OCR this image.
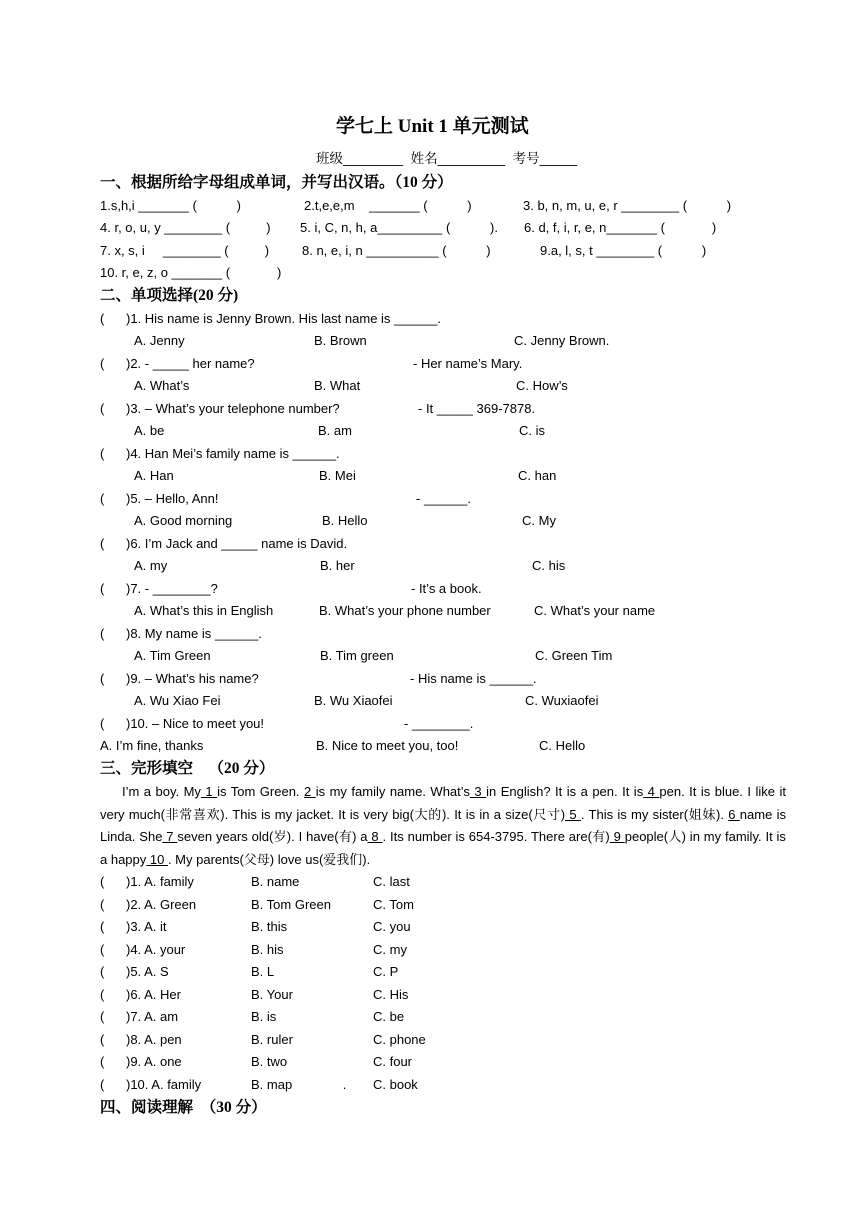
学七上 Unit 1 单元测试
班级________  姓名_________  考号_____
一、根据所给字母组成单词，并写出汉语。（10 分）
1.s,h,i _______ (           )	2.t,e,e,m    _______ (           )	3. b, n, m, u, e, r ________ (           )
4. r, o, u, y ________ (          ) 5. i, C, n, h, a_________ (           ). 6. d, f, i, r, e, n_______ (             )
7. x, s, i     ________ (          )	8. n, e, i, n __________ (           )	9.a, l, s, t ________ (           )
10. r, e, z, o _______ (             )
二、单项选择(20 分)
(      )1. His name is Jenny Brown. His last name is ______.
A. Jenny	B. Brown	C. Jenny Brown.
(      )2. - _____ her name?	- Her name’s Mary.
A. What’s	B. What	C. How’s
(      )3. – What’s your telephone number?	- It _____ 369-7878.
A. be	B. am	C. is
(      )4. Han Mei’s family name is ______.
A. Han	B. Mei	C. han
(      )5. – Hello, Ann!	- ______.
A. Good morning	B. Hello	C. My
(      )6. I’m Jack and _____ name is David.
A. my	B. her	C. his
(      )7. - ________?	- It’s a book.
A. What’s this in English	B. What’s your phone number	C. What’s your name
(      )8. My name is ______.
A. Tim Green	B. Tim green	C. Green Tim
(      )9. – What’s his name?	- His name is ______.
A. Wu Xiao Fei	B. Wu Xiaofei	C. Wuxiaofei
(      )10. – Nice to meet you!	- ________.
A. I’m fine, thanks	B. Nice to meet you, too!	C. Hello
三、完形填空    （20 分）
I’m a boy. My 1 is Tom Green. 2 is my family name. What’s 3 in English? It is a pen. It is 4 pen. It is blue. I like it very much(非常喜欢). This is my jacket. It is very big(大的). It is in a size(尺寸) 5 . This is my sister(姐妹). 6 name is Linda. She 7 seven years old(岁). I have(有) a 8 . Its number is 654-3795. There are(有) 9 people(人) in my family. It is a happy 10 . My parents(父母) love us(爱我们).
(      )1. A. family	B. name	C. last
(      )2. A. Green	B. Tom Green	C. Tom
(      )3. A. it	B. this	C. you
(      )4. A. your	B. his	C. my
(      )5. A. S	B. L	C. P
(      )6. A. Her	B. Your	C. His
(      )7. A. am	B. is	C. be
(      )8. A. pen	B. ruler	C. phone
(      )9. A. one	B. two	C. four
(      )10. A. family	B. map              . C. book
四、阅读理解  （30 分）
